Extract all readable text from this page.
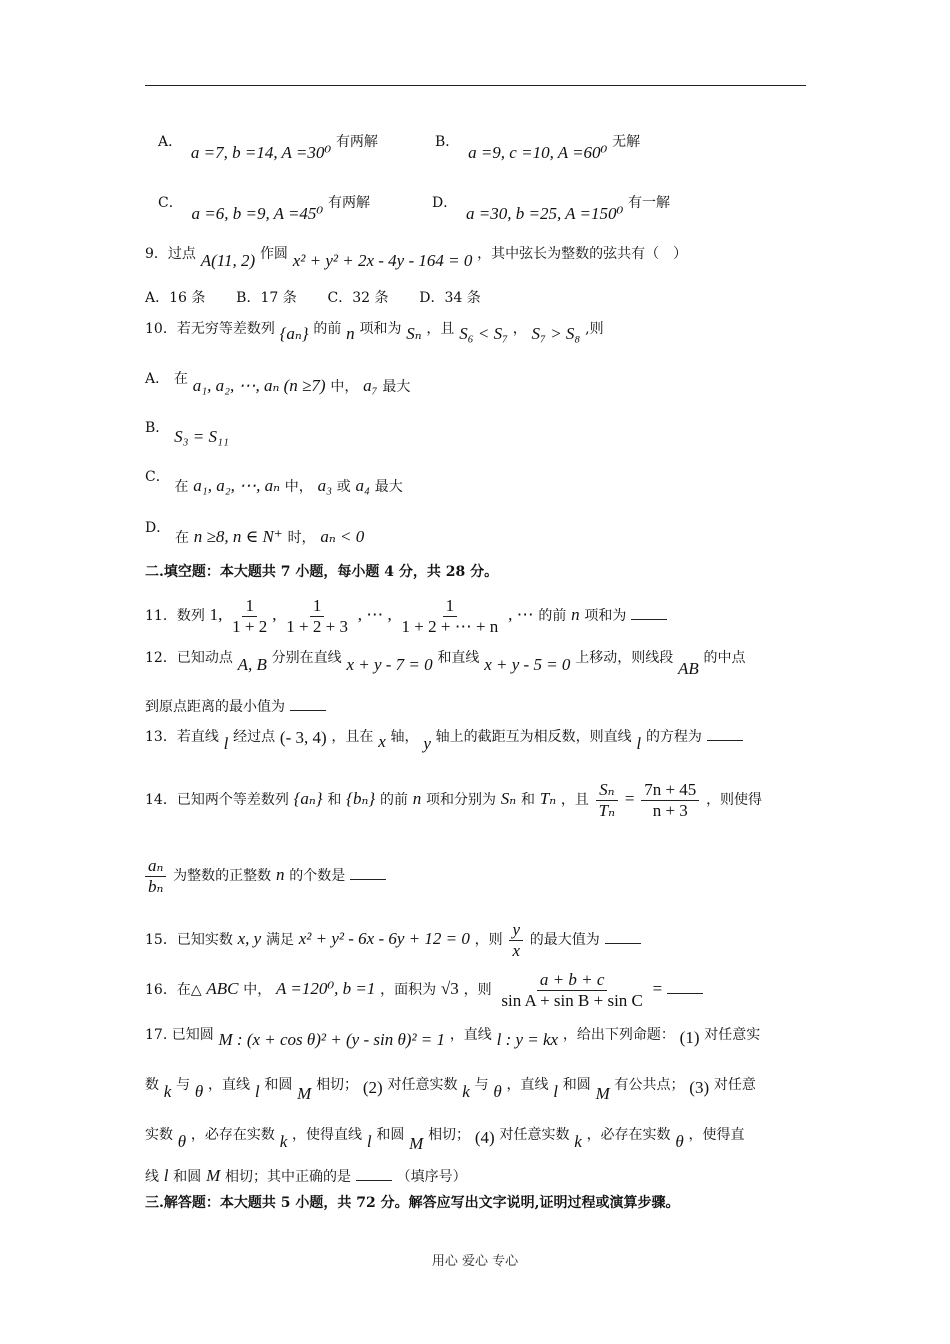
A． a =7, b =14, A =30⁰ 有两解	B． a =9, c =10, A =60⁰ 无解
C． a =6, b =9, A =45⁰ 有两解	D． a =30, b =25, A =150⁰ 有一解
9．过点 A(11, 2) 作圆 x² + y² + 2x - 4y - 164 = 0 ，其中弦长为整数的弦共有（　）
A．16 条 B．17 条 C．32 条 D．34 条
10．若无穷等差数列 {aₙ} 的前 n 项和为 Sₙ ，且 S₆ < S₇ ， S₇ > S₈ ,则
A． 在 a₁, a₂, ⋯, aₙ (n ≥7) 中， a₇ 最大
B． S₃ = S₁₁
C． 在 a₁, a₂, ⋯, aₙ 中， a₃ 或 a₄ 最大
D． 在 n ≥8, n ∈ N⁺ 时， aₙ < 0
二.填空题：本大题共 7 小题，每小题 4 分，共 28 分。
11．数列 1, $\frac{1}{1 + 2}$ , $\frac{1}{1 + 2 + 3}$ , ⋯ , $\frac{1}{1 + 2 + \cdots + n}$ , ⋯ 的前 n 项和为
12．已知动点 A, B 分别在直线 x + y - 7 = 0 和直线 x + y - 5 = 0 上移动，则线段 AB 的中点
到原点距离的最小值为
13．若直线 l 经过点 (- 3, 4) ，且在 x 轴， y 轴上的截距互为相反数，则直线 l 的方程为
14．已知两个等差数列 {aₙ} 和 {bₙ} 的前 n 项和分别为 Sₙ 和 Tₙ ，且 $\frac{\text{Sₙ}}{\text{Tₙ}} = \frac{7n + 45}{n + 3}$ ，则使得
$\frac{\text{aₙ}}{\text{bₙ}}$ 为整数的正整数 n 的个数是
15．已知实数 x, y 满足 x² + y² - 6x - 6y + 12 = 0 ，则 $\frac{y}{x}$ 的最大值为
16．在△ ABC 中， A =120⁰, b =1 ，面积为 √3 ，则 $\frac{a + b + c}{\text{sin A + sin B + sin C}}$ =
17. 已知圆 M : (x + cos θ)² + (y - sin θ)² = 1 ，直线 l : y = kx ，给出下列命题： (1) 对任意实
数 k 与 θ ，直线 l 和圆 M 相切； (2) 对任意实数 k 与 θ ，直线 l 和圆 M 有公共点； (3) 对任意
实数 θ ，必存在实数 k ，使得直线 l 和圆 M 相切； (4) 对任意实数 k ，必存在实数 θ ，使得直
线 l 和圆 M 相切；其中正确的是	（填序号）
三.解答题：本大题共 5 小题，共 72 分。解答应写出文字说明,证明过程或演算步骤。
用心 爱心 专心
